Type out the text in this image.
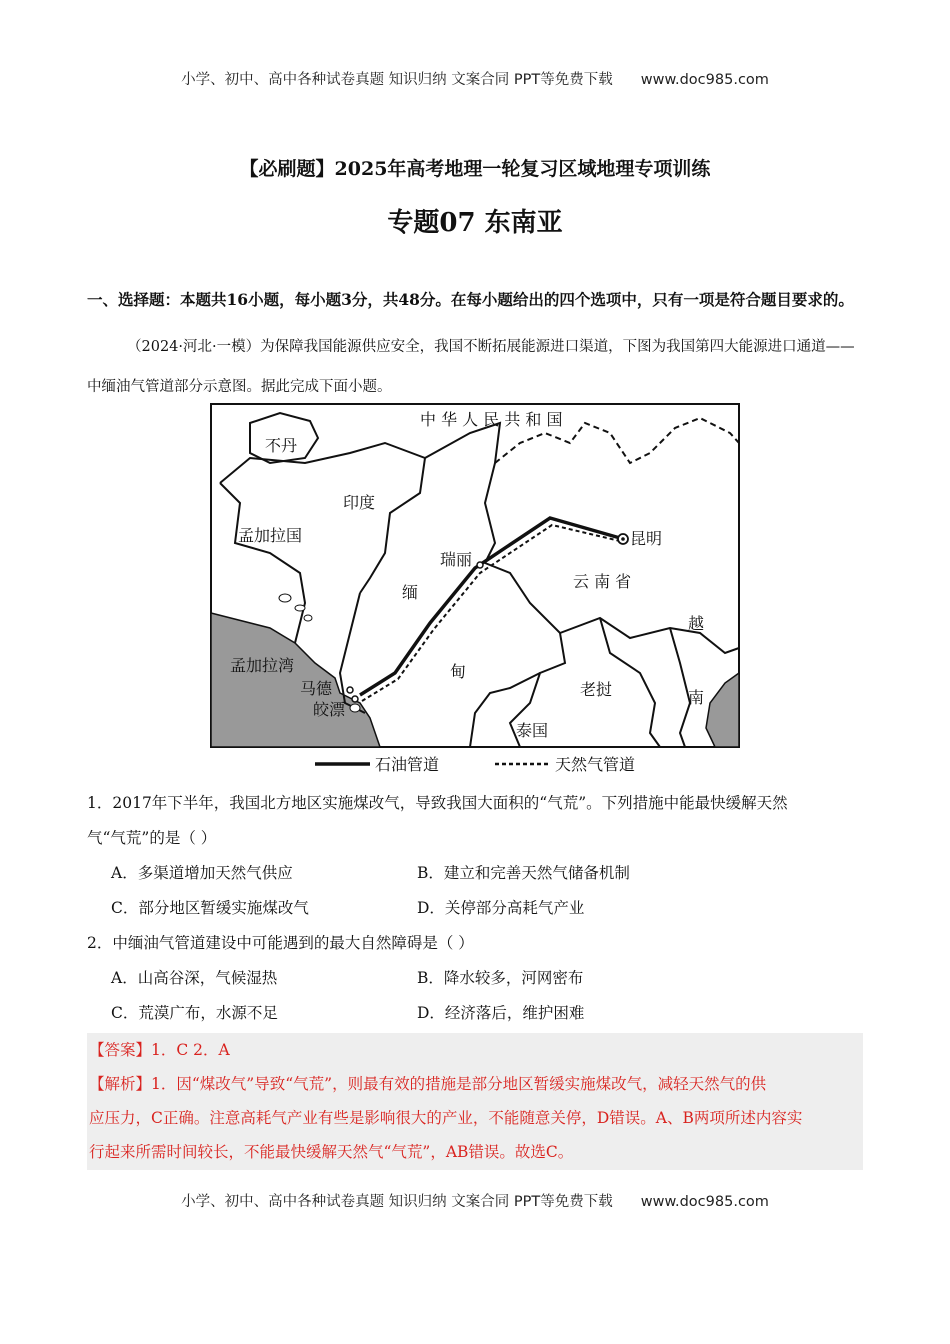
小学、初中、高中各种试卷真题 知识归纳 文案合同 PPT等免费下载 www.doc985.com
【必刷题】2025年高考地理一轮复习区域地理专项训练
专题07 东南亚
一、选择题：本题共16小题，每小题3分，共48分。在每小题给出的四个选项中，只有一项是符合题目要求的。
（2024·河北·一模）为保障我国能源供应安全，我国不断拓展能源进口渠道，下图为我国第四大能源进口通道——中缅油气管道部分示意图。据此完成下面小题。
中 华 人 民 共 和 国
不丹
印度
孟加拉国
瑞丽
昆明
缅
云 南 省
越
甸
老挝	南
泰国
孟加拉湾
马德
皎漂
石油管道	天然气管道
1．2017年下半年，我国北方地区实施煤改气，导致我国大面积的“气荒”。下列措施中能最快缓解天然
气“气荒”的是（ ）
A．多渠道增加天然气供应	B．建立和完善天然气储备机制
C．部分地区暂缓实施煤改气	D．关停部分高耗气产业
2．中缅油气管道建设中可能遇到的最大自然障碍是（ ）
A．山高谷深，气候湿热	B．降水较多，河网密布
C．荒漠广布，水源不足	D．经济落后，维护困难
【答案】1．C 2．A
【解析】1．因“煤改气”导致“气荒”，则最有效的措施是部分地区暂缓实施煤改气，减轻天然气的供
应压力，C正确。注意高耗气产业有些是影响很大的产业，不能随意关停，D错误。A、B两项所述内容实
行起来所需时间较长，不能最快缓解天然气“气荒”，AB错误。故选C。
小学、初中、高中各种试卷真题 知识归纳 文案合同 PPT等免费下载 www.doc985.com
